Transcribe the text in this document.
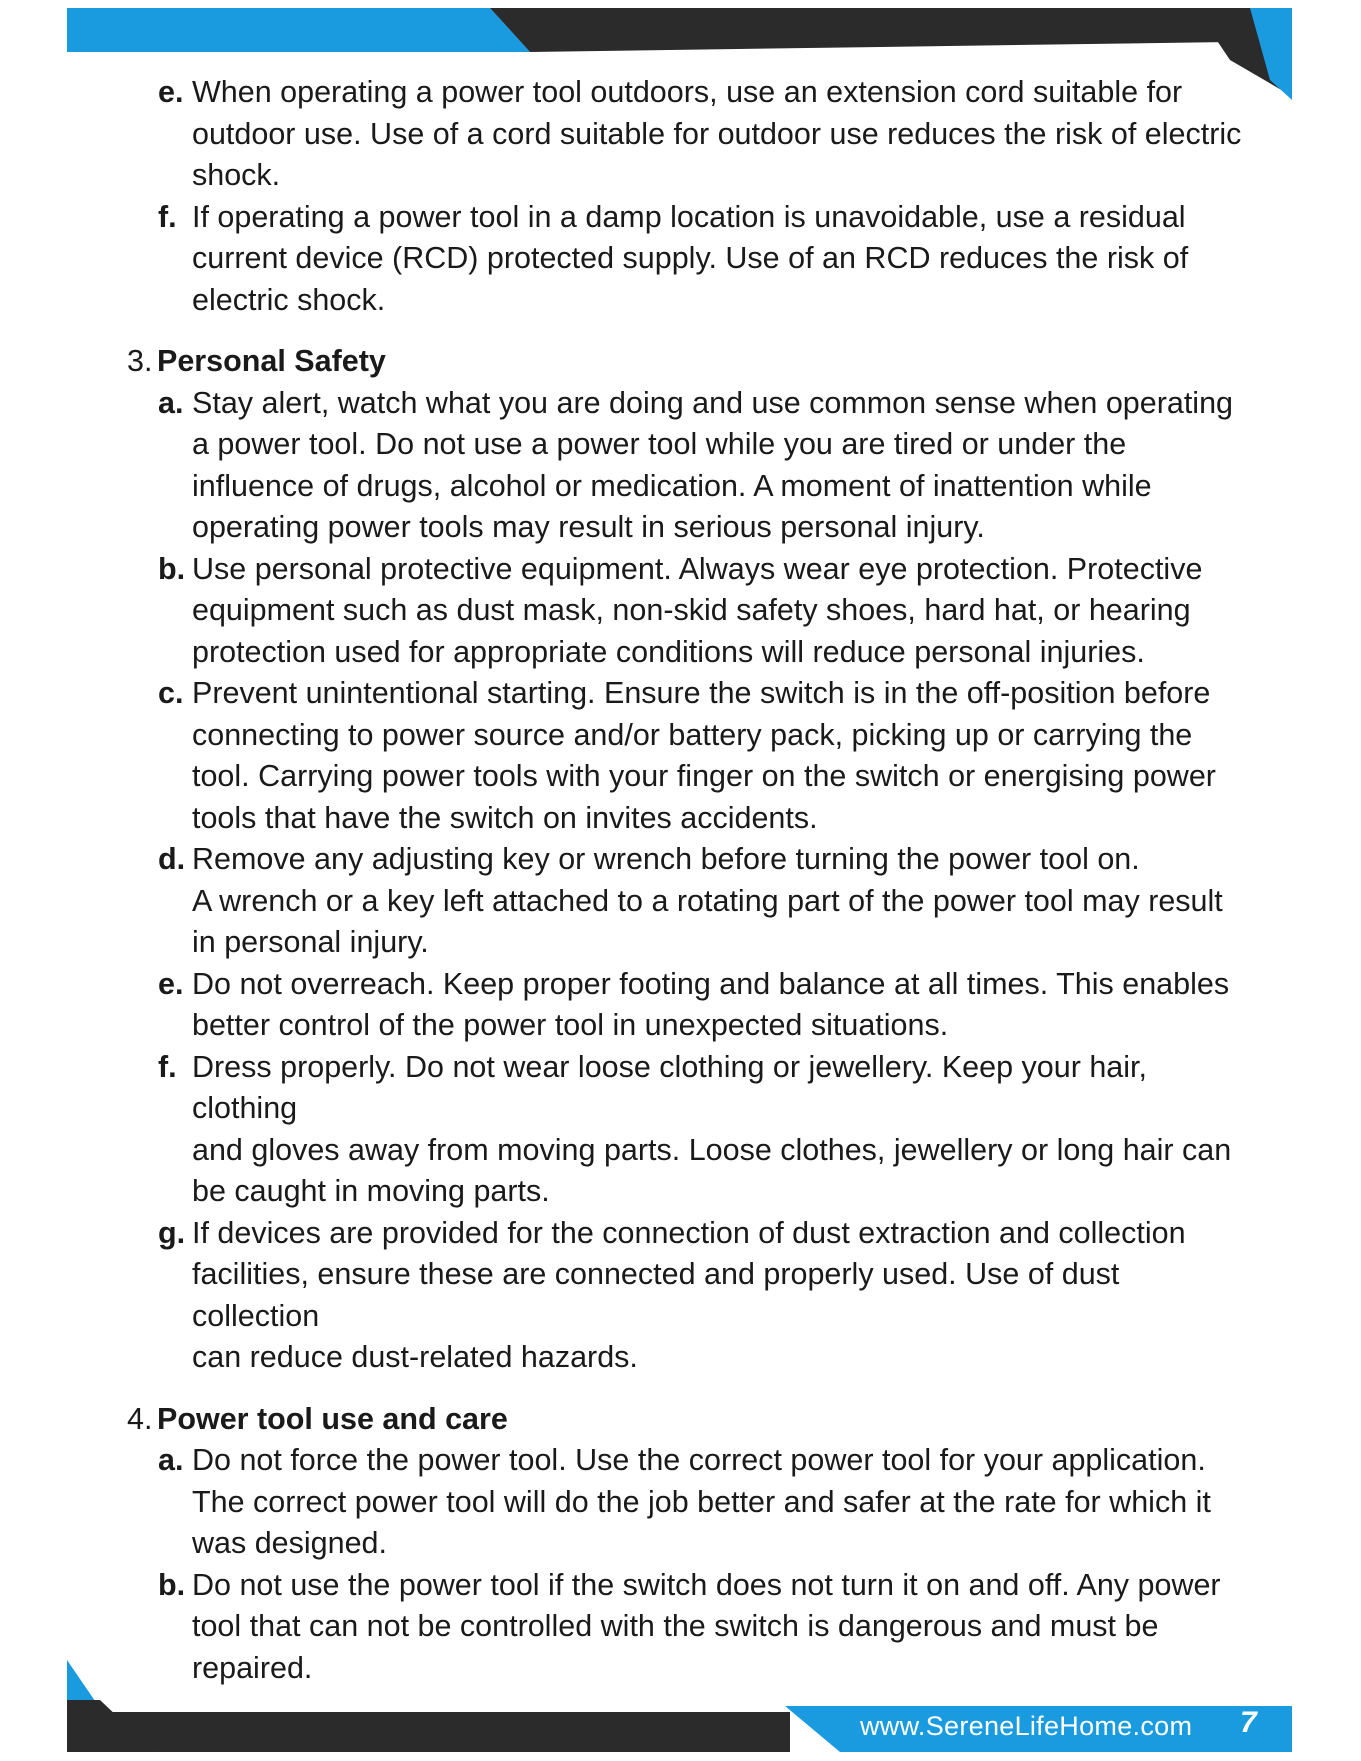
e. When operating a power tool outdoors, use an extension cord suitable for
outdoor use. Use of a cord suitable for outdoor use reduces the risk of electric
shock.
f. If operating a power tool in a damp location is unavoidable, use a residual
current device (RCD) protected supply. Use of an RCD reduces the risk of
electric shock.
3. Personal Safety
a. Stay alert, watch what you are doing and use common sense when operating
a power tool. Do not use a power tool while you are tired or under the
influence of drugs, alcohol or medication. A moment of inattention while
operating power tools may result in serious personal injury.
b. Use personal protective equipment. Always wear eye protection. Protective
equipment such as dust mask, non-skid safety shoes, hard hat, or hearing
protection used for appropriate conditions will reduce personal injuries.
c. Prevent unintentional starting. Ensure the switch is in the off-position before
connecting to power source and/or battery pack, picking up or carrying the
tool. Carrying power tools with your finger on the switch or energising power
tools that have the switch on invites accidents.
d. Remove any adjusting key or wrench before turning the power tool on.
A wrench or a key left attached to a rotating part of the power tool may result
in personal injury.
e. Do not overreach. Keep proper footing and balance at all times. This enables
better control of the power tool in unexpected situations.
f. Dress properly. Do not wear loose clothing or jewellery. Keep your hair, clothing
and gloves away from moving parts. Loose clothes, jewellery or long hair can
be caught in moving parts.
g. If devices are provided for the connection of dust extraction and collection
facilities, ensure these are connected and properly used. Use of dust collection
can reduce dust-related hazards.
4. Power tool use and care
a. Do not force the power tool. Use the correct power tool for your application.
The correct power tool will do the job better and safer at the rate for which it
was designed.
b. Do not use the power tool if the switch does not turn it on and off. Any power
tool that can not be controlled with the switch is dangerous and must be
repaired.
www.SereneLifeHome.com 7
